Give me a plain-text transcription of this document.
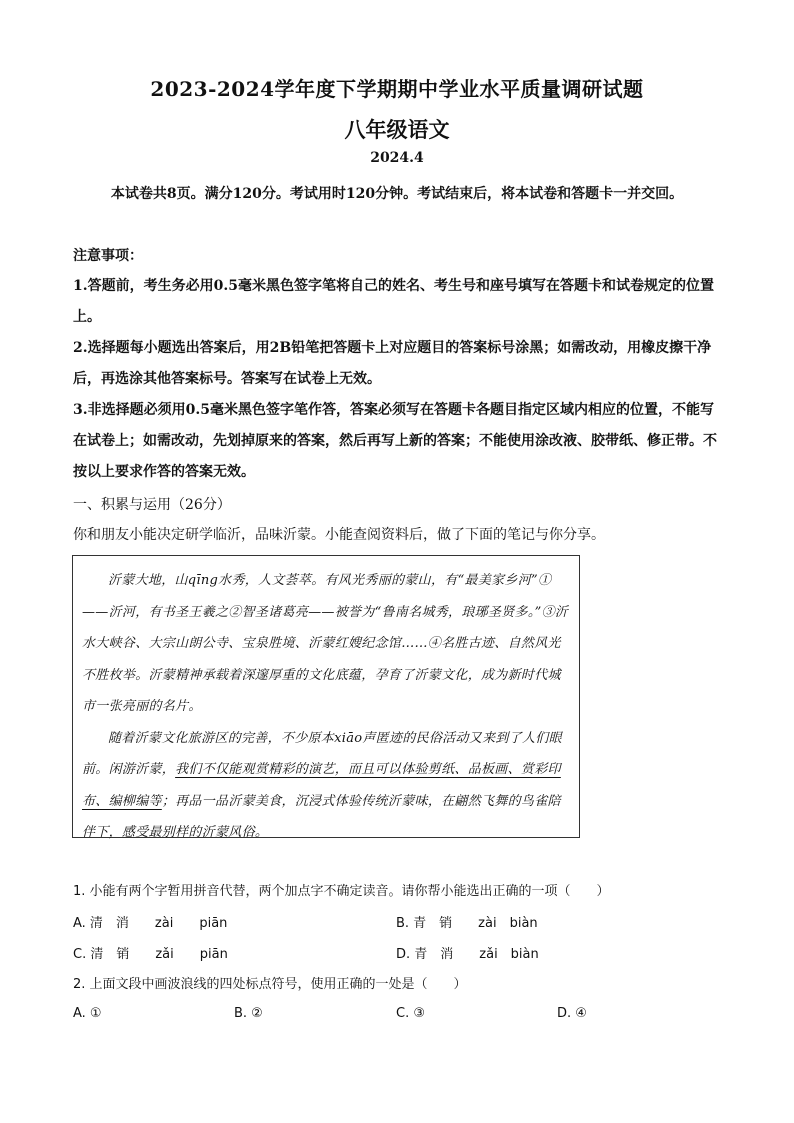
2023-2024学年度下学期期中学业水平质量调研试题
八年级语文
2024.4
本试卷共8页。满分120分。考试用时120分钟。考试结束后，将本试卷和答题卡一并交回。
注意事项：
1.答题前，考生务必用0.5毫米黑色签字笔将自己的姓名、考生号和座号填写在答题卡和试卷规定的位置上。
2.选择题每小题选出答案后，用2B铅笔把答题卡上对应题目的答案标号涂黑；如需改动，用橡皮擦干净后，再选涂其他答案标号。答案写在试卷上无效。
3.非选择题必须用0.5毫米黑色签字笔作答，答案必须写在答题卡各题目指定区域内相应的位置，不能写在试卷上；如需改动，先划掉原来的答案，然后再写上新的答案；不能使用涂改液、胶带纸、修正带。不按以上要求作答的答案无效。
一、积累与运用（26分）
你和朋友小能决定研学临沂，品味沂蒙。小能查阅资料后，做了下面的笔记与你分享。

沂蒙大地，山qīng水秀，人文荟萃。有风光秀丽的蒙山，有“最美家乡河”①——沂河，有书圣王羲之②智圣诸葛亮——被誉为“鲁南名城秀，琅琊圣贤多。”③沂水大峡谷、大宗山朗公寺、宝泉胜境、沂蒙红嫂纪念馆……④名胜古迹、自然风光不胜枚举。沂蒙精神承载着深邃厚重的文化底蕴，孕育了沂蒙文化，成为新时代城市一张亮丽的名片。

随着沂蒙文化旅游区的完善，不少原本xiāo声匿迹的民俗活动又来到了人们眼前。闲游沂蒙，我们不仅能观赏精彩的演艺，而且可以体验剪纸、品板画、赏彩印布、编柳编等；再品一品沂蒙美食，沉浸式体验传统沂蒙味，在翩然飞舞的鸟雀陪伴下，感受最别样的沂蒙风俗。

1. 小能有两个字暂用拼音代替，两个加点字不确定读音。请你帮小能选出正确的一项（　　）
A. 清　消　　zài　　piān	B. 青　销　　zài　biàn
C. 清　销　　zǎi　　piān	D. 青　消　　zǎi　biàn
2. 上面文段中画波浪线的四处标点符号，使用正确的一处是（　　）
A. ①	B. ②	C. ③	D. ④
